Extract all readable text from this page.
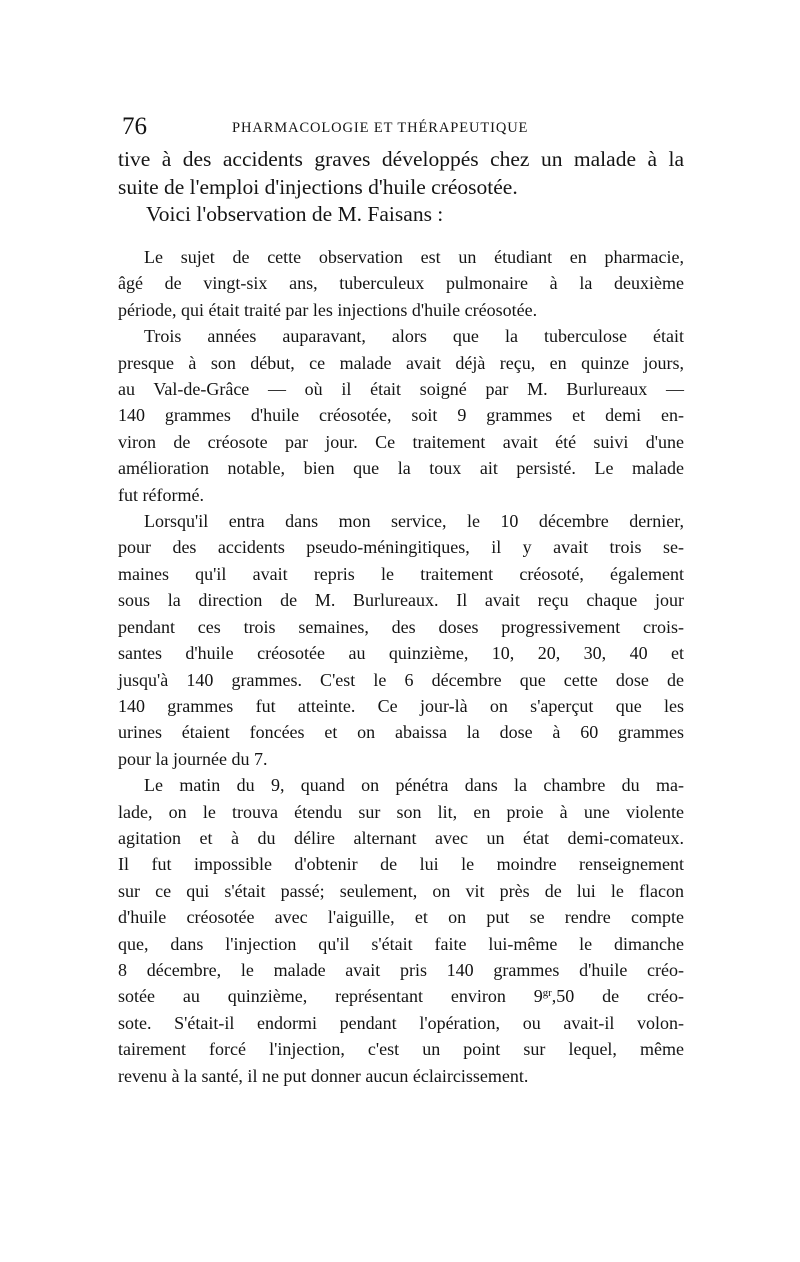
76	PHARMACOLOGIE ET THÉRAPEUTIQUE
tive à des accidents graves développés chez un malade à la
suite de l'emploi d'injections d'huile créosotée.
Voici l'observation de M. Faisans :
Le sujet de cette observation est un étudiant en pharmacie,
âgé de vingt-six ans, tuberculeux pulmonaire à la deuxième
période, qui était traité par les injections d'huile créosotée.
Trois années auparavant, alors que la tuberculose était
presque à son début, ce malade avait déjà reçu, en quinze jours,
au Val-de-Grâce — où il était soigné par M. Burlureaux —
140 grammes d'huile créosotée, soit 9 grammes et demi en-
viron de créosote par jour. Ce traitement avait été suivi d'une
amélioration notable, bien que la toux ait persisté. Le malade
fut réformé.
Lorsqu'il entra dans mon service, le 10 décembre dernier,
pour des accidents pseudo-méningitiques, il y avait trois se-
maines qu'il avait repris le traitement créosoté, également
sous la direction de M. Burlureaux. Il avait reçu chaque jour
pendant ces trois semaines, des doses progressivement crois-
santes d'huile créosotée au quinzième, 10, 20, 30, 40 et
jusqu'à 140 grammes. C'est le 6 décembre que cette dose de
140 grammes fut atteinte. Ce jour-là on s'aperçut que les
urines étaient foncées et on abaissa la dose à 60 grammes
pour la journée du 7.
Le matin du 9, quand on pénétra dans la chambre du ma-
lade, on le trouva étendu sur son lit, en proie à une violente
agitation et à du délire alternant avec un état demi-comateux.
Il fut impossible d'obtenir de lui le moindre renseignement
sur ce qui s'était passé; seulement, on vit près de lui le flacon
d'huile créosotée avec l'aiguille, et on put se rendre compte
que, dans l'injection qu'il s'était faite lui-même le dimanche
8 décembre, le malade avait pris 140 grammes d'huile créo-
sotée au quinzième, représentant environ $9^{gr},50$ de créo-
sote. S'était-il endormi pendant l'opération, ou avait-il volon-
tairement forcé l'injection, c'est un point sur lequel, même
revenu à la santé, il ne put donner aucun éclaircissement.
